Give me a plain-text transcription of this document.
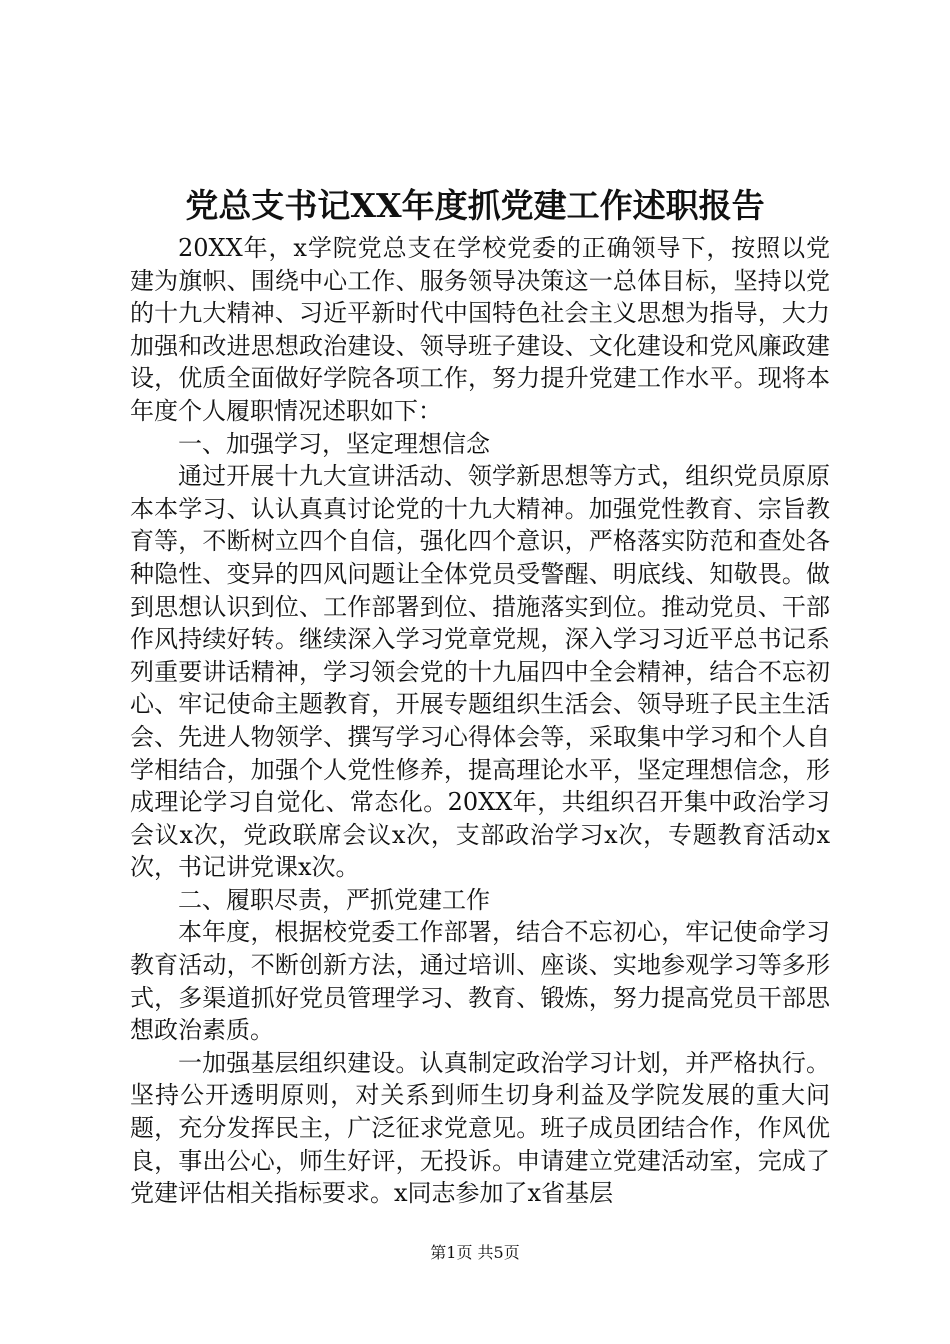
党总支书记XX年度抓党建工作述职报告

20XX年，x学院党总支在学校党委的正确领导下，按照以党建为旗帜、围绕中心工作、服务领导决策这一总体目标，坚持以党的十九大精神、习近平新时代中国特色社会主义思想为指导，大力加强和改进思想政治建设、领导班子建设、文化建设和党风廉政建设，优质全面做好学院各项工作，努力提升党建工作水平。现将本年度个人履职情况述职如下：

一、加强学习，坚定理想信念

通过开展十九大宣讲活动、领学新思想等方式，组织党员原原本本学习、认认真真讨论党的十九大精神。加强党性教育、宗旨教育等，不断树立四个自信，强化四个意识，严格落实防范和查处各种隐性、变异的四风问题让全体党员受警醒、明底线、知敬畏。做到思想认识到位、工作部署到位、措施落实到位。推动党员、干部作风持续好转。继续深入学习党章党规，深入学习习近平总书记系列重要讲话精神，学习领会党的十九届四中全会精神，结合不忘初心、牢记使命主题教育，开展专题组织生活会、领导班子民主生活会、先进人物领学、撰写学习心得体会等，采取集中学习和个人自学相结合，加强个人党性修养，提高理论水平，坚定理想信念，形成理论学习自觉化、常态化。20XX年，共组织召开集中政治学习会议x次，党政联席会议x次，支部政治学习x次，专题教育活动x次，书记讲党课x次。

二、履职尽责，严抓党建工作

本年度，根据校党委工作部署，结合不忘初心，牢记使命学习教育活动，不断创新方法，通过培训、座谈、实地参观学习等多形式，多渠道抓好党员管理学习、教育、锻炼，努力提高党员干部思想政治素质。

一加强基层组织建设。认真制定政治学习计划，并严格执行。坚持公开透明原则，对关系到师生切身利益及学院发展的重大问题，充分发挥民主，广泛征求党意见。班子成员团结合作，作风优良，事出公心，师生好评，无投诉。申请建立党建活动室，完成了党建评估相关指标要求。x同志参加了x省基层

第1页 共5页
